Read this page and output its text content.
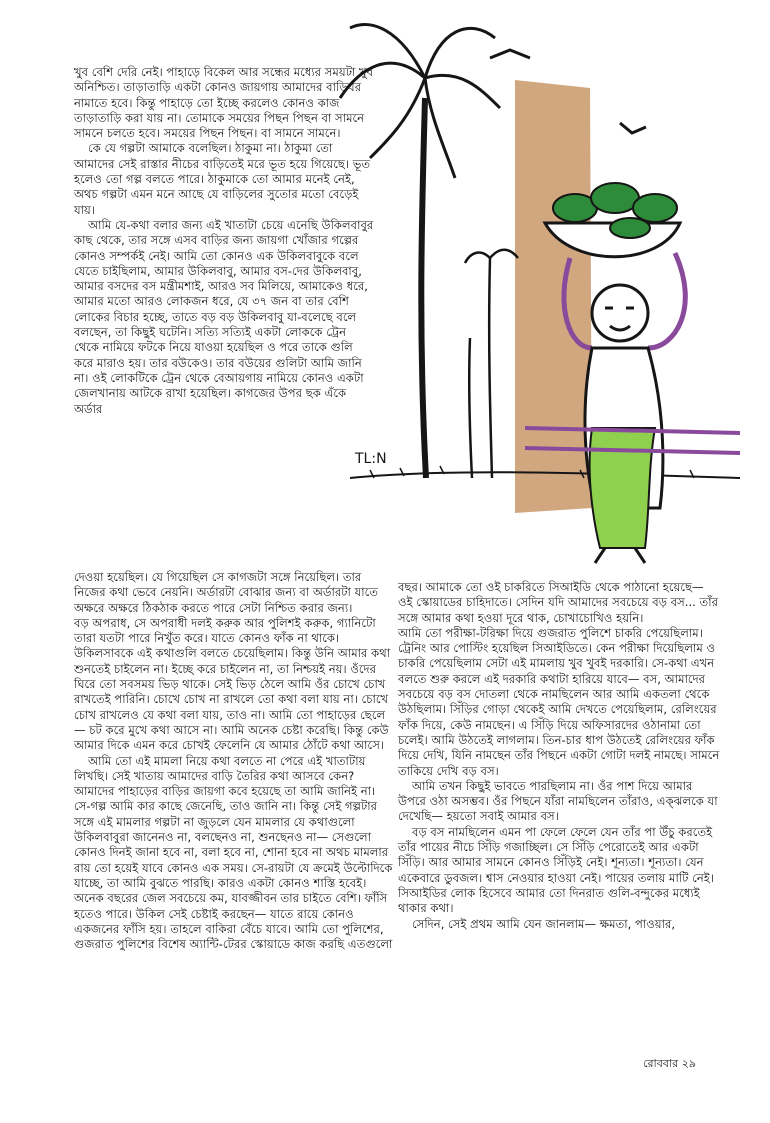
খুব বেশি দেরি নেই। পাহাড়ে বিকেল আর সন্ধের মধ্যের সময়টা খুব অনিশ্চিত। তাড়াতাড়ি একটা কোনও জায়গায় আমাদের বাড়িঘর নামাতে হবে। কিন্তু পাহাড়ে তো ইচ্ছে করলেও কোনও কাজ তাড়াতাড়ি করা যায় না। তোমাকে সময়ের পিছন পিছন বা সামনে সামনে চলতে হবে। সময়ের পিছন পিছন। বা সামনে সামনে।

কে যে গল্পটা আমাকে বলেছিল। ঠাকুমা না। ঠাকুমা তো আমাদের সেই রাস্তার নীচের বাড়িতেই মরে ভূত হয়ে গিয়েছে। ভূত হলেও তো গল্প বলতে পারে। ঠাকুমাকে তো আমার মনেই নেই, অথচ গল্পটা এমন মনে আছে যে বাড়িলের সুতোর মতো বেড়েই যায়।

আমি যে-কথা বলার জন্য এই খাতাটা চেয়ে এনেছি উকিলবাবুর কাছ থেকে, তার সঙ্গে এসব বাড়ির জন্য জায়গা খোঁজার গল্পের কোনও সম্পর্কই নেই। আমি তো কোনও এক উকিলবাবুকে বলে যেতে চাইছিলাম, আমার উকিলবাবু, আমার বস-দের উকিলবাবু, আমার বসদের বস মন্ত্রীমশাই, আরও সব মিলিয়ে, আমাকেও ধরে, আমার মতো আরও লোকজন ধরে, যে ৩৭ জন বা তার বেশি লোকের বিচার হচ্ছে, তাতে বড় বড় উকিলবাবু যা-বলেছে বলে বলছেন, তা কিছুই ঘটেনি। সত্যি সত্যিই একটা লোককে ট্রেন থেকে নামিয়ে ফটকে নিয়ে যাওয়া হয়েছিল ও পরে তাকে গুলি করে মারাও হয়। তার বউকেও। তার বউয়ের গুলিটা আমি জানি না। ওই লোকটিকে ট্রেন থেকে বেআয়গায় নামিয়ে কোনও একটা জেলখানায় আটকে রাখা হয়েছিল। কাগজের উপর ছক এঁকে অর্ডার

দেওয়া হয়েছিল। যে গিয়েছিল সে কাগজটা সঙ্গে নিয়েছিল। তার নিজের কথা ভেবে নেয়নি। অর্ডারটা বোঝার জন্য বা অর্ডারটা যাতে অক্ষরে অক্ষরে ঠিকঠাক করতে পারে সেটা নিশ্চিত করার জন্য।

বড় অপরাধ, সে অপরাধী দলই করুক আর পুলিশই করুক, গ্যানিটো তারা যতটা পারে নিখুঁত করে। যাতে কোনও ফাঁক না থাকে। উকিলসাবকে এই কথাগুলি বলতে চেয়েছিলাম। কিন্তু উনি আমার কথা শুনতেই চাইলেন না। ইচ্ছে করে চাইলেন না, তা নিশ্চয়ই নয়। ওঁদের ঘিরে তো সবসময় ভিড় থাকে। সেই ভিড় ঠেলে আমি ওঁর চোখে চোখ রাখতেই পারিনি। চোখে চোখ না রাখলে তো কথা বলা যায় না। চোখে চোখ রাখলেও যে কথা বলা যায়, তাও না। আমি তো পাহাড়ের ছেলে— চট করে মুখে কথা আসে না। আমি অনেক চেষ্টা করেছি। কিন্তু কেউ আমার দিকে এমন করে চোখই ফেলেনি যে আমার ঠোঁটে কথা আসে।

আমি তো এই মামলা নিয়ে কথা বলতে না পেরে এই খাতাটায় লিখছি। সেই খাতায় আমাদের বাড়ি তৈরির কথা আসবে কেন? আমাদের পাহাড়ের বাড়ির জায়গা কবে হয়েছে তা আমি জানিই না। সে-গল্প আমি কার কাছে জেনেছি, তাও জানি না। কিন্তু সেই গল্পটার সঙ্গে এই মামলার গল্পটা না জুড়লে যেন মামলার যে কথাগুলো উকিলবাবুরা জানেনও না, বলছেনও না, শুনছেনও না— সেগুলো কোনও দিনই জানা হবে না, বলা হবে না, শোনা হবে না অথচ মামলার রায় তো হয়েই যাবে কোনও এক সময়। সে-রায়টা যে ক্রমেই উল্টোদিকে যাচ্ছে, তা আমি বুঝতে পারছি। কারও একটা কোনও শাস্তি হবেই। অনেক বছরের জেল সবচেয়ে কম, যাবজ্জীবন তার চাইতে বেশি। ফাঁসি হতেও পারে। উকিল সেই চেষ্টাই করছেন— যাতে রায়ে কোনও একজনের ফাঁসি হয়। তাহলে বাকিরা বেঁচে যাবে। আমি তো পুলিশের, গুজরাত পুলিশের বিশেষ অ্যান্টি-টেরর স্কোয়াডে কাজ করছি এতগুলো

বছর। আমাকে তো ওই চাকরিতে সিআইডি থেকে পাঠানো হয়েছে— ওই স্কোয়াডের চাহিদাতে। সেদিন যদি আমাদের সবচেয়ে বড় বস... তাঁর সঙ্গে আমার কথা হওয়া দূরে থাক, চোখাচোখিও হয়নি।

আমি তো পরীক্ষা-টরিক্ষা দিয়ে গুজরাত পুলিশে চাকরি পেয়েছিলাম। ট্রেনিং আর পোস্টিং হয়েছিল সিআইডিতে। কেন পরীক্ষা দিয়েছিলাম ও চাকরি পেয়েছিলাম সেটা এই মামলায় খুব খুবই দরকারি। সে-কথা এখন বলতে শুরু করলে এই দরকারি কথাটা হারিয়ে যাবে— বস, আমাদের সবচেয়ে বড় বস দোতলা থেকে নামছিলেন আর আমি একতলা থেকে উঠছিলাম। সিঁড়ির গোড়া থেকেই আমি দেখতে পেয়েছিলাম, রেলিংয়ের ফাঁক দিয়ে, কেউ নামছেন। এ সিঁড়ি দিয়ে অফিসারদের ওঠানামা তো চলেই। আমি উঠতেই লাগলাম। তিন-চার ধাপ উঠতেই রেলিংয়ের ফাঁক দিয়ে দেখি, যিনি নামছেন তাঁর পিছনে একটা গোটা দলই নামছে। সামনে তাকিয়ে দেখি বড় বস।

আমি তখন কিছুই ভাবতে পারছিলাম না। ওঁর পাশ দিয়ে আমার উপরে ওঠা অসম্ভব। ওঁর পিছনে যাঁরা নামছিলেন তাঁরাও, এক্ঝলকে যা দেখেছি— হয়তো সবাই আমার বস।

বড় বস নামছিলেন এমন পা ফেলে ফেলে যেন তাঁর পা উঁচু করতেই তাঁর পায়ের নীচে সিঁড়ি গজাচ্ছিল। সে সিঁড়ি পেরোতেই আর একটা সিঁড়ি। আর আমার সামনে কোনও সিঁড়িই নেই। শূন্যতা। শূন্যতা। যেন একেবারে ডুবজল। শ্বাস নেওয়ার হাওয়া নেই। পায়ের তলায় মাটি নেই। সিআইডির লোক হিসেবে আমার তো দিনরাত গুলি-বন্দুকের মধ্যেই থাকার কথা।

সেদিন, সেই প্রথম আমি যেন জানলাম— ক্ষমতা, পাওয়ার,

TL:N
রোববার ২৯
